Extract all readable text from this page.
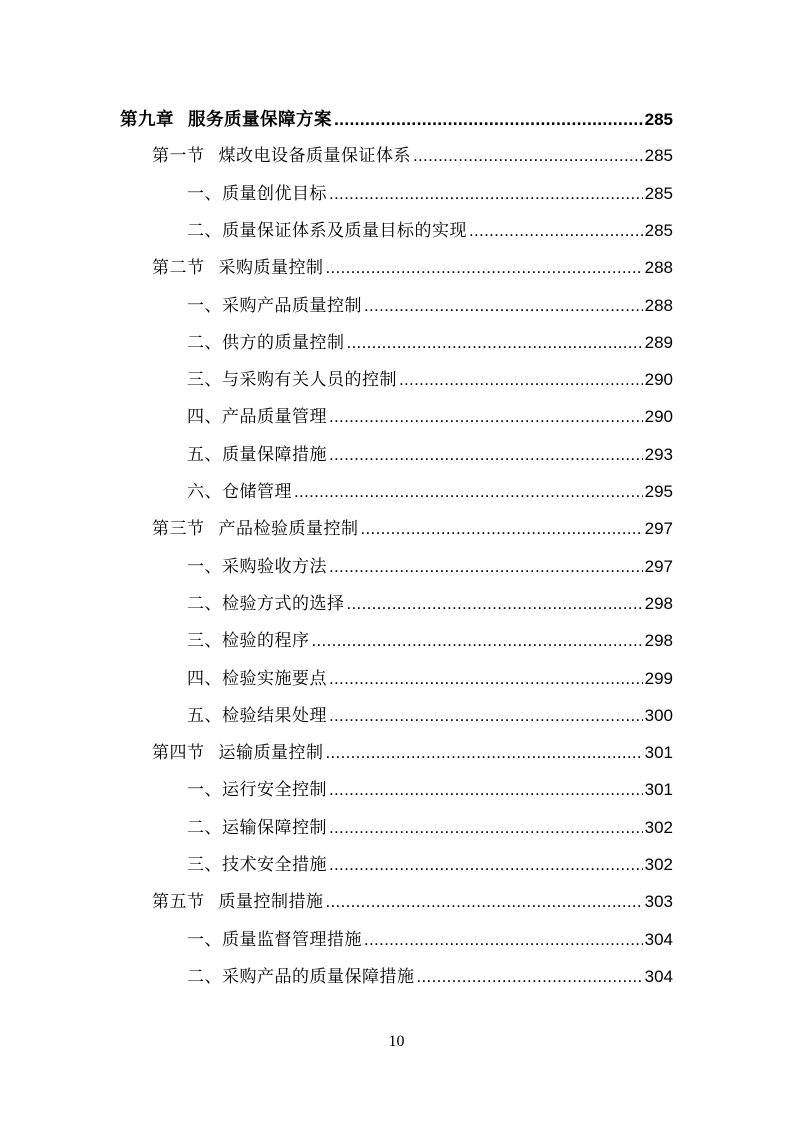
第九章 服务质量保障方案 .....	285
第一节 煤改电设备质量保证体系 .....	285
一、质量创优目标 .....	285
二、质量保证体系及质量目标的实现 .....	285
第二节 采购质量控制 .....	288
一、采购产品质量控制 .....	288
二、供方的质量控制 .....	289
三、与采购有关人员的控制 .....	290
四、产品质量管理 .....	290
五、质量保障措施 .....	293
六、仓储管理 .....	295
第三节 产品检验质量控制 .....	297
一、采购验收方法 .....	297
二、检验方式的选择 .....	298
三、检验的程序 .....	298
四、检验实施要点 .....	299
五、检验结果处理 .....	300
第四节 运输质量控制 .....	301
一、运行安全控制 .....	301
二、运输保障控制 .....	302
三、技术安全措施 .....	302
第五节 质量控制措施 .....	303
一、质量监督管理措施 .....	304
二、采购产品的质量保障措施 .....	304
10
